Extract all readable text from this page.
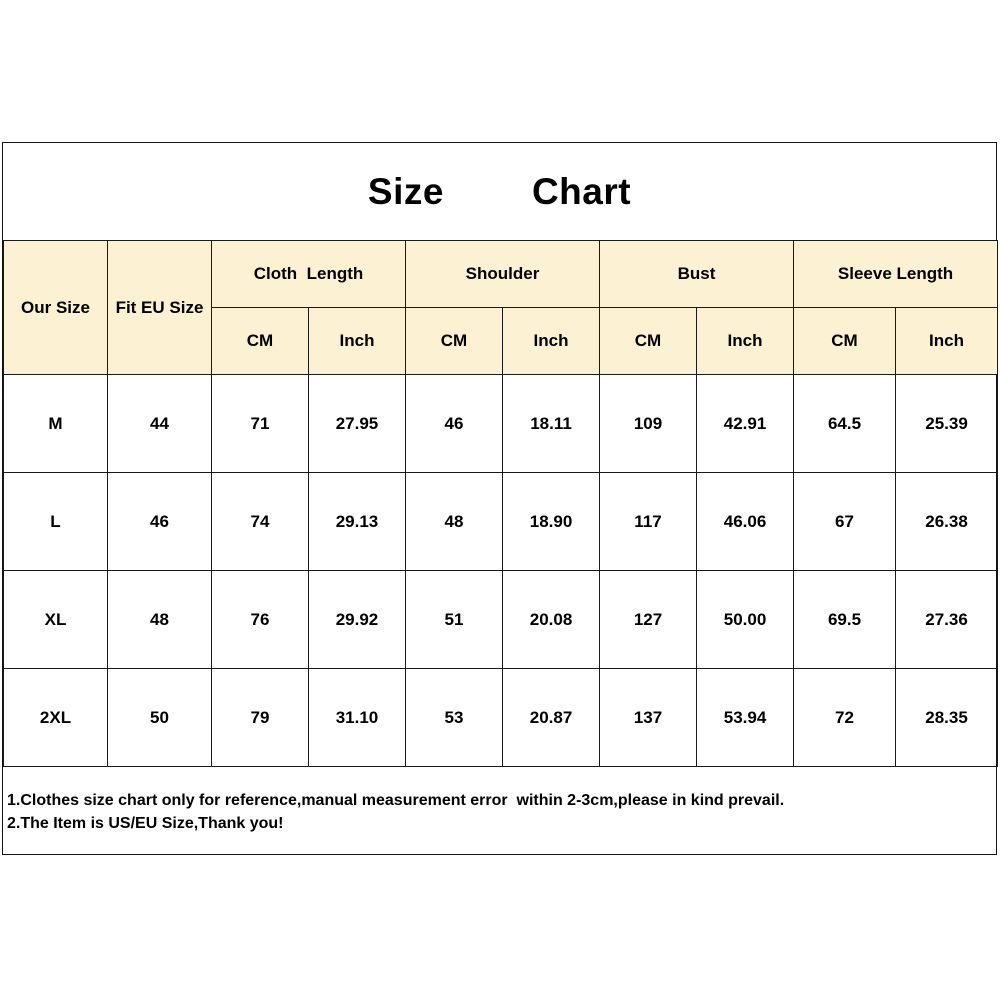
Size Chart
Our Size	Fit EU Size	Cloth  Length		Shoulder		Bust		Sleeve Length	
		CM	Inch	CM	Inch	CM	Inch	CM	Inch
M	44	71	27.95	46	18.11	109	42.91	64.5	25.39
L	46	74	29.13	48	18.90	117	46.06	67	26.38
XL	48	76	29.92	51	20.08	127	50.00	69.5	27.36
2XL	50	79	31.10	53	20.87	137	53.94	72	28.35
1.Clothes size chart only for reference,manual measurement error  within 2-3cm,please in kind prevail.
2.The Item is US/EU Size,Thank you!
